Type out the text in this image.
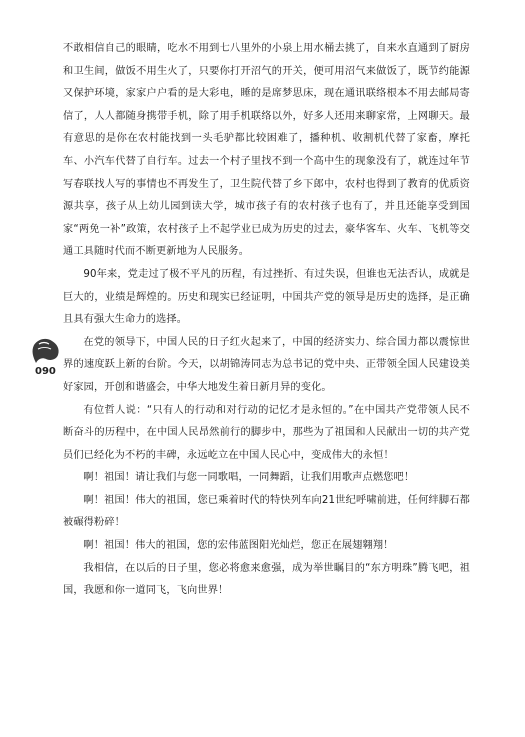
不敢相信自己的眼睛，吃水不用到七八里外的小泉上用水桶去挑了，自来水直通到了厨房和卫生间，做饭不用生火了，只要你打开沼气的开关，便可用沼气来做饭了，既节约能源又保护环境，家家户户看的是大彩电，睡的是席梦思床，现在通讯联络根本不用去邮局寄信了，人人都随身携带手机，除了用手机联络以外，好多人还用来聊家常，上网聊天。最有意思的是你在农村能找到一头毛驴都比较困难了，播种机、收割机代替了家畜，摩托车、小汽车代替了自行车。过去一个村子里找不到一个高中生的现象没有了，就连过年节写春联找人写的事情也不再发生了，卫生院代替了乡下郎中，农村也得到了教育的优质资源共享，孩子从上幼儿园到读大学，城市孩子有的农村孩子也有了，并且还能享受到国家“两免一补”政策，农村孩子上不起学业已成为历史的过去，豪华客车、火车、飞机等交通工具随时代而不断更新地为人民服务。

90年来，党走过了极不平凡的历程，有过挫折、有过失误，但谁也无法否认，成就是巨大的，业绩是辉煌的。历史和现实已经证明，中国共产党的领导是历史的选择，是正确且具有强大生命力的选择。

在党的领导下，中国人民的日子红火起来了，中国的经济实力、综合国力都以震惊世界的速度跃上新的台阶。今天，以胡锦涛同志为总书记的党中央、正带领全国人民建设美好家园，开创和谐盛会，中华大地发生着日新月异的变化。

有位哲人说：“只有人的行动和对行动的记忆才是永恒的。”在中国共产党带领人民不断奋斗的历程中，在中国人民昂然前行的脚步中，那些为了祖国和人民献出一切的共产党员们已经化为不朽的丰碑，永远屹立在中国人民心中，变成伟大的永恒！

啊！祖国！请让我们与您一同歌唱，一同舞蹈，让我们用歌声点燃您吧！

啊！祖国！伟大的祖国，您已乘着时代的特快列车向21世纪呼啸前进，任何绊脚石都被碾得粉碎！

啊！祖国！伟大的祖国，您的宏伟蓝图阳光灿烂，您正在展翅翱翔！

我相信，在以后的日子里，您必将愈来愈强，成为举世瞩目的“东方明珠”腾飞吧，祖国，我愿和你一道同飞，飞向世界！

090
